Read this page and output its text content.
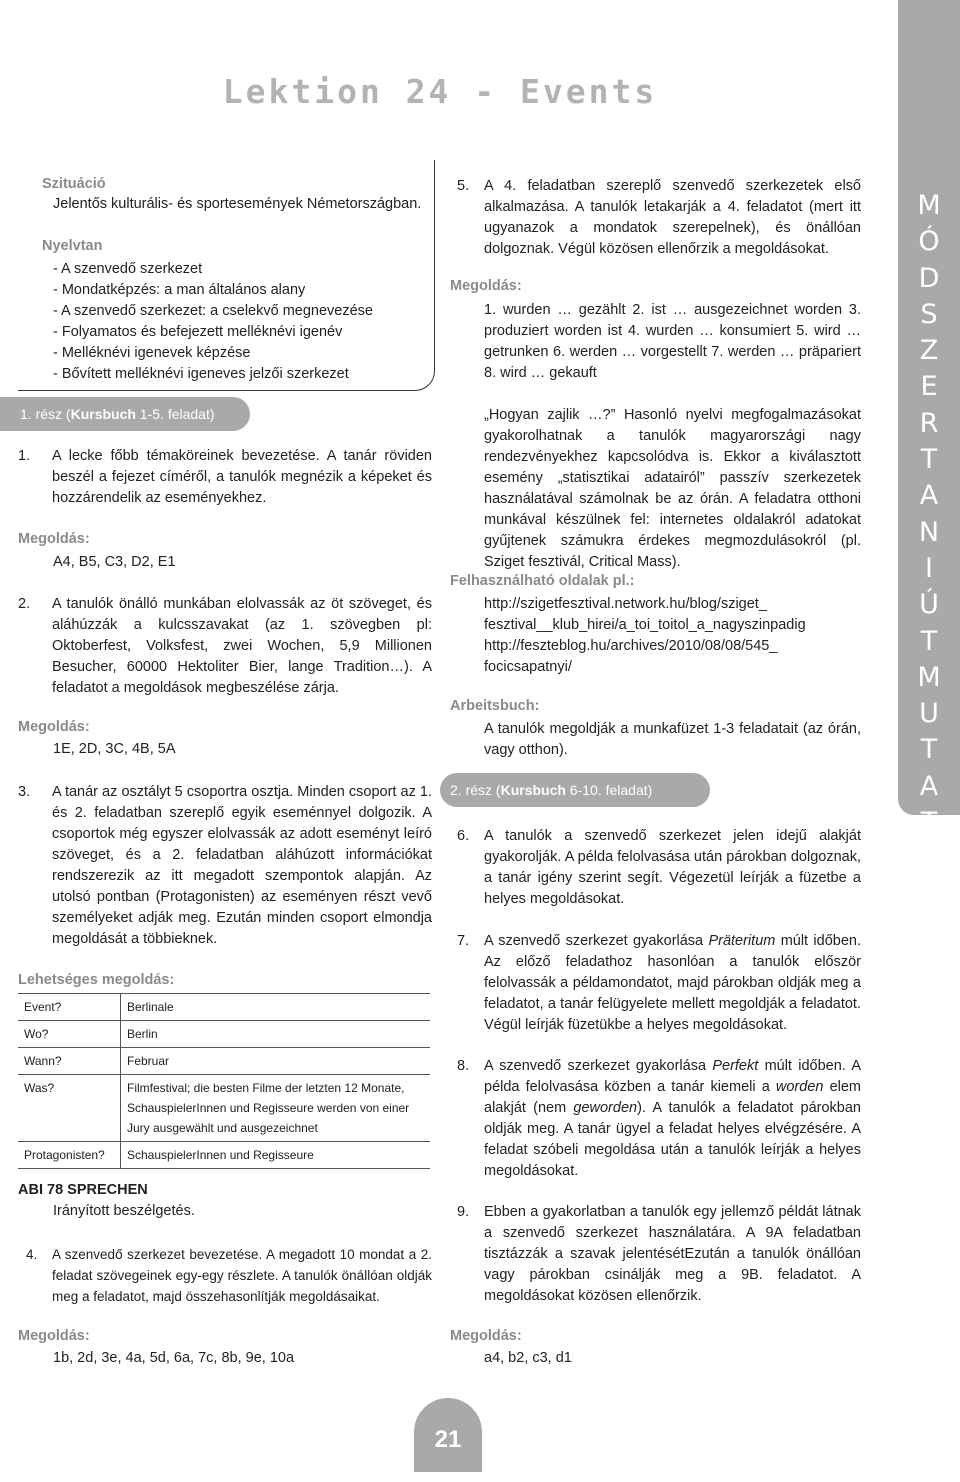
Lektion 24 - Events
M
Ó
D
S
Z
E
R
T
A
N
I
Ú
T
M
U
T
A
T
Ó
Szituáció
Jelentős kulturális- és sportesemények Németországban.
Nyelvtan
- A szenvedő szerkezet
- Mondatképzés: a man általános alany
- A szenvedő szerkezet: a cselekvő megnevezése
- Folyamatos és befejezett melléknévi igenév
- Melléknévi igenevek képzése
- Bővített melléknévi igeneves jelzői szerkezet
1. rész (Kursbuch 1-5. feladat)
1. A lecke főbb témaköreinek bevezetése. A tanár röviden beszél a fejezet címéről, a tanulók megnézik a képeket és hozzárendelik az eseményekhez.
Megoldás:
A4, B5, C3, D2, E1
2. A tanulók önálló munkában elolvassák az öt szöveget, és aláhúzzák a kulcsszavakat (az 1. szövegben pl: Oktoberfest, Volksfest, zwei Wochen, 5,9 Millionen Besucher, 60000 Hektoliter Bier, lange Tradition…). A feladatot a megoldások megbeszélése zárja.
Megoldás:
1E, 2D, 3C, 4B, 5A
3. A tanár az osztályt 5 csoportra osztja. Minden csoport az 1. és 2. feladatban szereplő egyik eseménnyel dolgozik. A csoportok még egyszer elolvassák az adott eseményt leíró szöveget, és a 2. feladatban aláhúzott információkat rendszerezik az itt megadott szempontok alapján. Az utolsó pontban (Protagonisten) az eseményen részt vevő személyeket adják meg. Ezután minden csoport elmondja megoldását a többieknek.
Lehetséges megoldás:
Event?	Berlinale
Wo?	Berlin
Wann?	Februar
Was?	Filmfestival; die besten Filme der letzten 12 Monate, SchauspielerInnen und Regisseure werden von einer Jury ausgewählt und ausgezeichnet
Protagonisten?	SchauspielerInnen und Regisseure
ABI 78 SPRECHEN
Irányított beszélgetés.
4. A szenvedő szerkezet bevezetése. A megadott 10 mondat a 2. feladat szövegeinek egy-egy részlete. A tanulók önállóan oldják meg a feladatot, majd összehasonlítják megoldásaikat.
Megoldás:
1b, 2d, 3e, 4a, 5d, 6a, 7c, 8b, 9e, 10a
5. A 4. feladatban szereplő szenvedő szerkezetek első alkalmazása. A tanulók letakarják a 4. feladatot (mert itt ugyanazok a mondatok szerepelnek), és önállóan dolgoznak. Végül közösen ellenőrzik a megoldásokat.
Megoldás:
1. wurden … gezählt 2. ist … ausgezeichnet worden 3. produziert worden ist 4. wurden … konsumiert 5. wird … getrunken 6. werden … vorgestellt 7. werden … präpariert 8. wird … gekauft
„Hogyan zajlik …?” Hasonló nyelvi megfogalmazásokat gyakorolhatnak a tanulók magyarországi nagy rendezvényekhez kapcsolódva is. Ekkor a kiválasztott esemény „statisztikai adatairól” passzív szerkezetek használatával számolnak be az órán. A feladatra otthoni munkával készülnek fel: internetes oldalakról adatokat gyűjtenek számukra érdekes megmozdulásokról (pl. Sziget fesztivál, Critical Mass).
Felhasználható oldalak pl.:
http://szigetfesztival.network.hu/blog/sziget_
fesztival__klub_hirei/a_toi_toitol_a_nagyszinpadig
http://feszteblog.hu/archives/2010/08/08/545_
focicsapatnyi/
Arbeitsbuch:
A tanulók megoldják a munkafüzet 1-3 feladatait (az órán, vagy otthon).
2. rész (Kursbuch 6-10. feladat)
6. A tanulók a szenvedő szerkezet jelen idejű alakját gyakorolják. A példa felolvasása után párokban dolgoznak, a tanár igény szerint segít. Végezetül leírják a füzetbe a helyes megoldásokat.
7. A szenvedő szerkezet gyakorlása Präteritum múlt időben. Az előző feladathoz hasonlóan a tanulók először felolvassák a példamondatot, majd párokban oldják meg a feladatot, a tanár felügyelete mellett megoldják a feladatot. Végül leírják füzetükbe a helyes megoldásokat.
8. A szenvedő szerkezet gyakorlása Perfekt múlt időben. A példa felolvasása közben a tanár kiemeli a worden elem alakját (nem geworden). A tanulók a feladatot párokban oldják meg. A tanár ügyel a feladat helyes elvégzésére. A feladat szóbeli megoldása után a tanulók leírják a helyes megoldásokat.
9. Ebben a gyakorlatban a tanulók egy jellemző példát látnak a szenvedő szerkezet használatára. A 9A feladatban tisztázzák a szavak jelentésétEzután a tanulók önállóan vagy párokban csinálják meg a 9B. feladatot. A megoldásokat közösen ellenőrzik.
Megoldás:
a4, b2, c3, d1
21
